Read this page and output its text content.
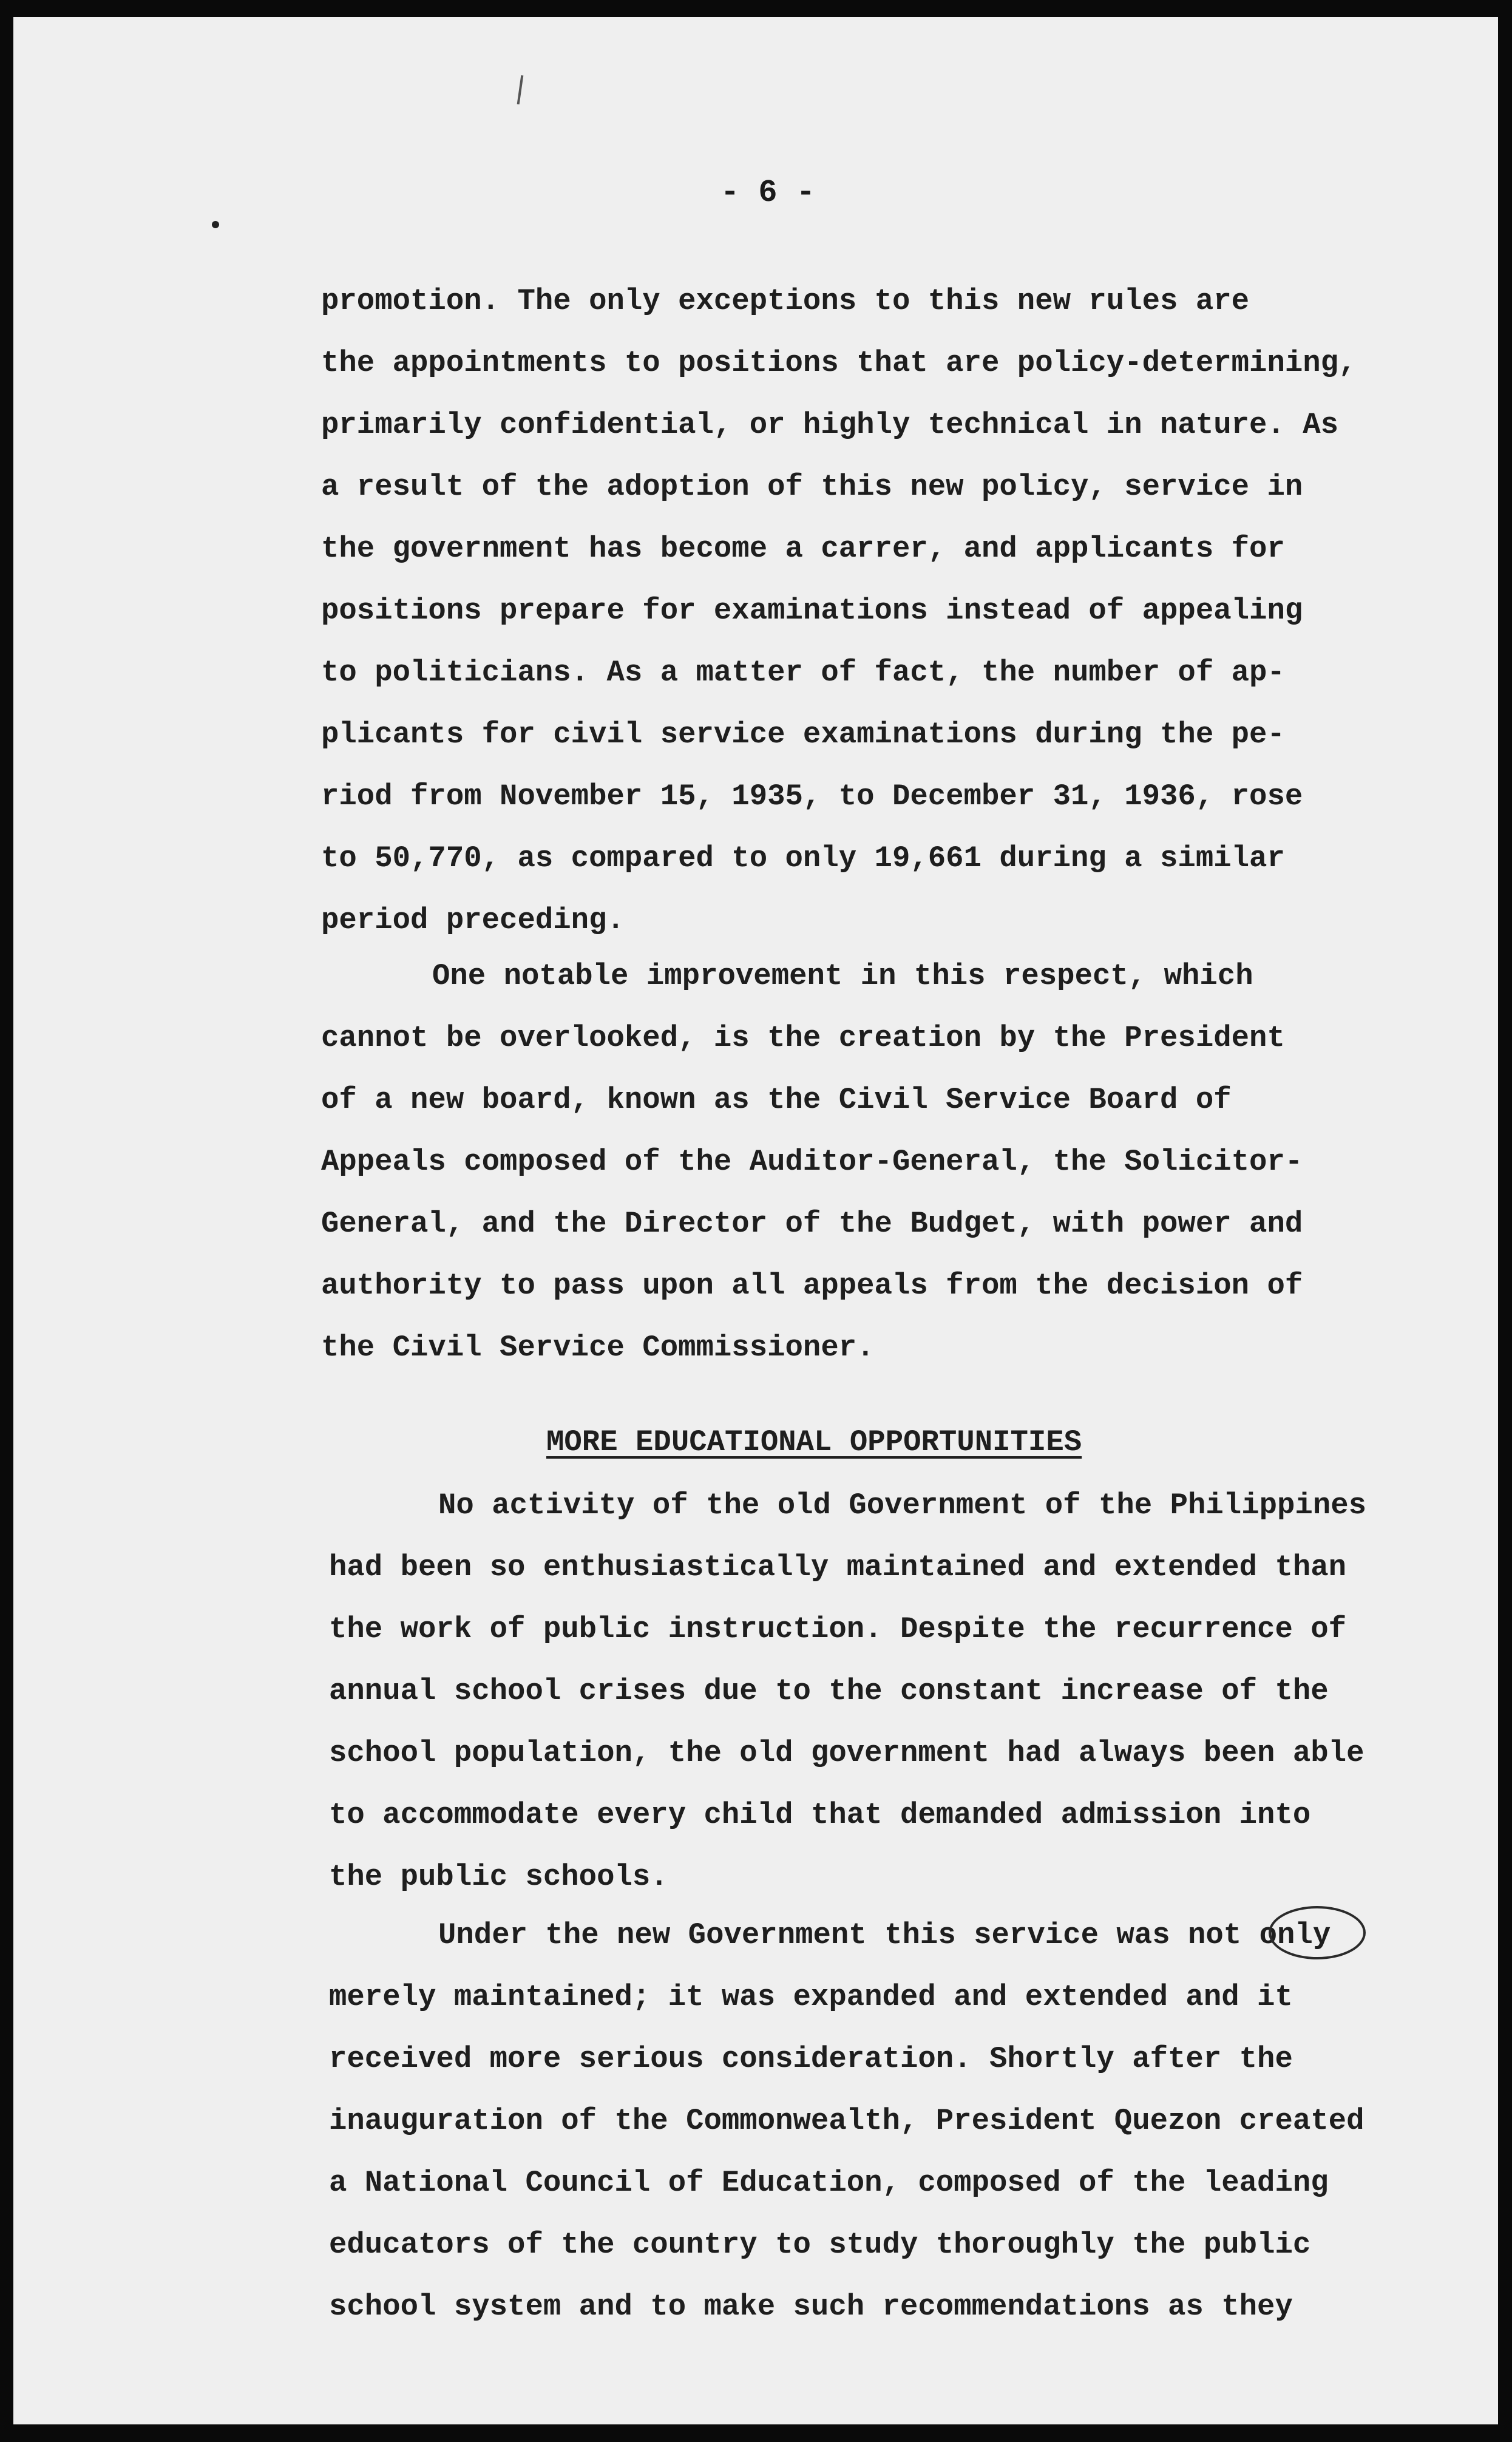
- 6 -
promotion. The only exceptions to this new rules are
the appointments to positions that are policy-determining,
primarily confidential, or highly technical in nature. As
a result of the adoption of this new policy, service in
the government has become a carrer, and applicants for
positions prepare for examinations instead of appealing
to politicians. As a matter of fact, the number of ap-
plicants for civil service examinations during the pe-
riod from November 15, 1935, to December 31, 1936, rose
to 50,770, as compared to only 19,661 during a similar
period preceding.
One notable improvement in this respect, which
cannot be overlooked, is the creation by the President
of a new board, known as the Civil Service Board of
Appeals composed of the Auditor-General, the Solicitor-
General, and the Director of the Budget, with power and
authority to pass upon all appeals from the decision of
the Civil Service Commissioner.
MORE EDUCATIONAL OPPORTUNITIES
No activity of the old Government of the Philippines
had been so enthusiastically maintained and extended than
the work of public instruction. Despite the recurrence of
annual school crises due to the constant increase of the
school population, the old government had always been able
to accommodate every child that demanded admission into
the public schools.
Under the new Government this service was not only
merely maintained; it was expanded and extended and it
received more serious consideration. Shortly after the
inauguration of the Commonwealth, President Quezon created
a National Council of Education, composed of the leading
educators of the country to study thoroughly the public
school system and to make such recommendations as they
